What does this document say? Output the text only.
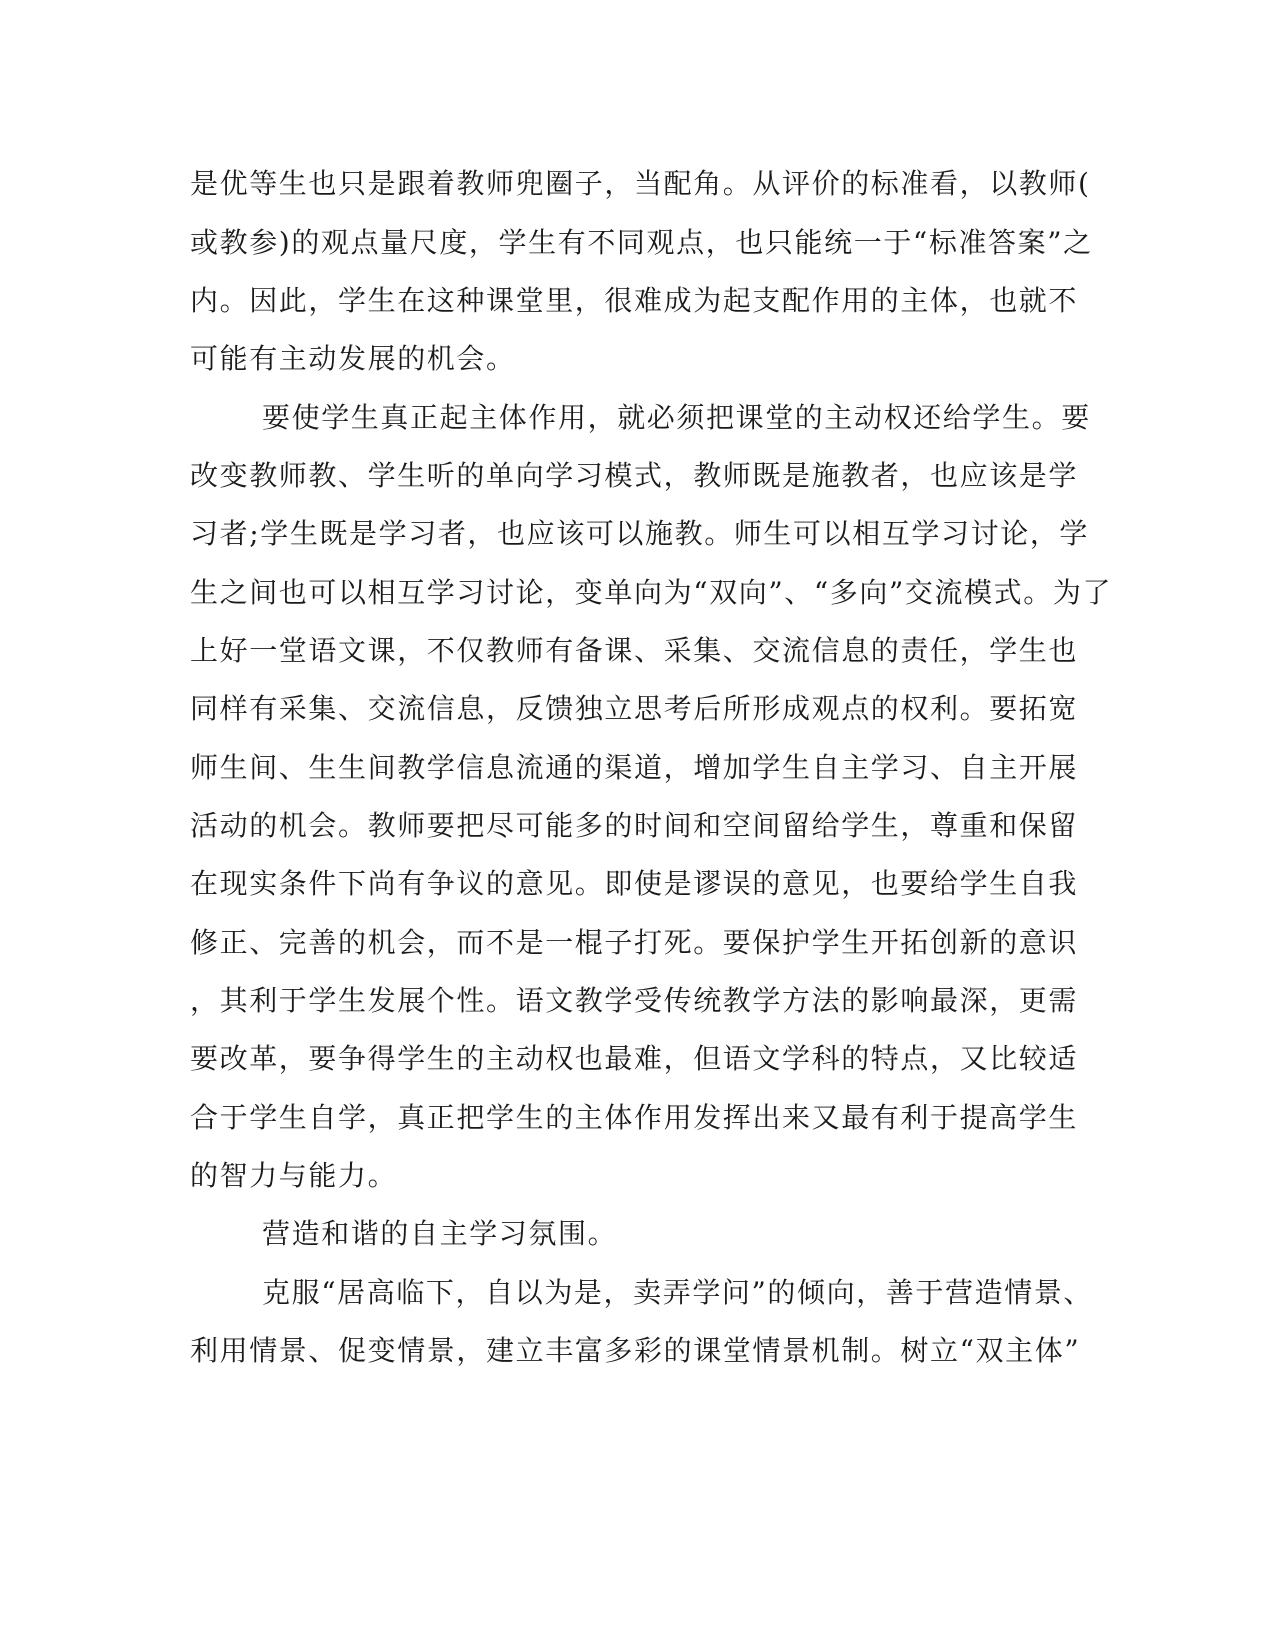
是优等生也只是跟着教师兜圈子，当配角。从评价的标准看，以教师(
或教参)的观点量尺度，学生有不同观点，也只能统一于“标准答案”之
内。因此，学生在这种课堂里，很难成为起支配作用的主体，也就不
可能有主动发展的机会。
要使学生真正起主体作用，就必须把课堂的主动权还给学生。要
改变教师教、学生听的单向学习模式，教师既是施教者，也应该是学
习者;学生既是学习者，也应该可以施教。师生可以相互学习讨论，学
生之间也可以相互学习讨论，变单向为“双向”、“多向”交流模式。为了
上好一堂语文课，不仅教师有备课、采集、交流信息的责任，学生也
同样有采集、交流信息，反馈独立思考后所形成观点的权利。要拓宽
师生间、生生间教学信息流通的渠道，增加学生自主学习、自主开展
活动的机会。教师要把尽可能多的时间和空间留给学生，尊重和保留
在现实条件下尚有争议的意见。即使是谬误的意见，也要给学生自我
修正、完善的机会，而不是一棍子打死。要保护学生开拓创新的意识
，其利于学生发展个性。语文教学受传统教学方法的影响最深，更需
要改革，要争得学生的主动权也最难，但语文学科的特点，又比较适
合于学生自学，真正把学生的主体作用发挥出来又最有利于提高学生
的智力与能力。
营造和谐的自主学习氛围。
克服“居高临下，自以为是，卖弄学问”的倾向，善于营造情景、
利用情景、促变情景，建立丰富多彩的课堂情景机制。树立“双主体”
